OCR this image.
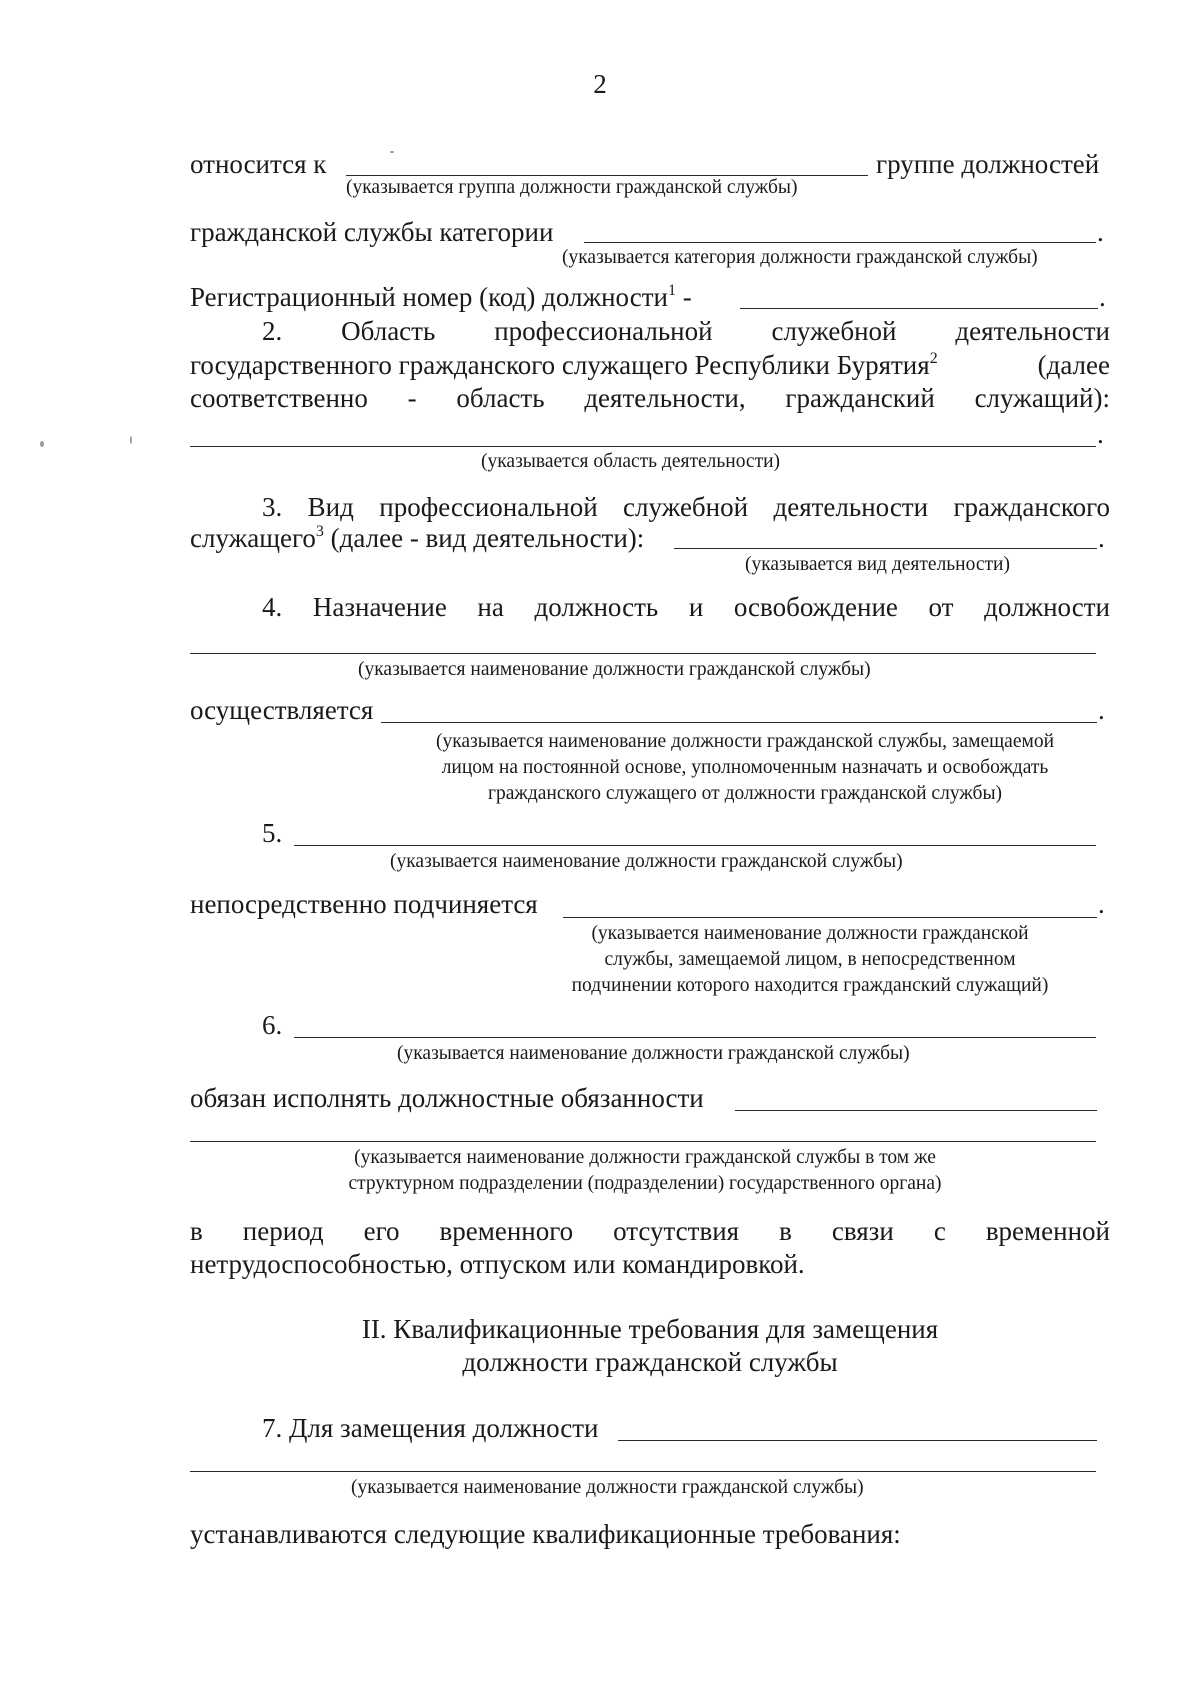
2
относится к	группе должностей
(указывается группа должности гражданской службы)
гражданской службы категории	.
(указывается категория должности гражданской службы)
Регистрационный номер (код) должности$^1$ -	.
2. Область профессиональной служебной деятельности
государственного гражданского служащего Республики Бурятия$^2$	(далее
соответственно - область деятельности, гражданский служащий):
.
(указывается область деятельности)
3. Вид профессиональной служебной деятельности гражданского
служащего$^3$ (далее - вид деятельности):	.
(указывается вид деятельности)
4. Назначение на должность и освобождение от должности
(указывается наименование должности гражданской службы)
осуществляется	.
(указывается наименование должности гражданской службы, замещаемой
лицом на постоянной основе, уполномоченным назначать и освобождать
гражданского служащего от должности гражданской службы)
5.
(указывается наименование должности гражданской службы)
непосредственно подчиняется	.
(указывается наименование должности гражданской
службы, замещаемой лицом, в непосредственном
подчинении которого находится гражданский служащий)
6.
(указывается наименование должности гражданской службы)
обязан исполнять должностные обязанности
(указывается наименование должности гражданской службы в том же
структурном подразделении (подразделении) государственного органа)
в период его временного отсутствия в связи с временной
нетрудоспособностью, отпуском или командировкой.
II. Квалификационные требования для замещения
должности гражданской службы
7. Для замещения должности
(указывается наименование должности гражданской службы)
устанавливаются следующие квалификационные требования:
